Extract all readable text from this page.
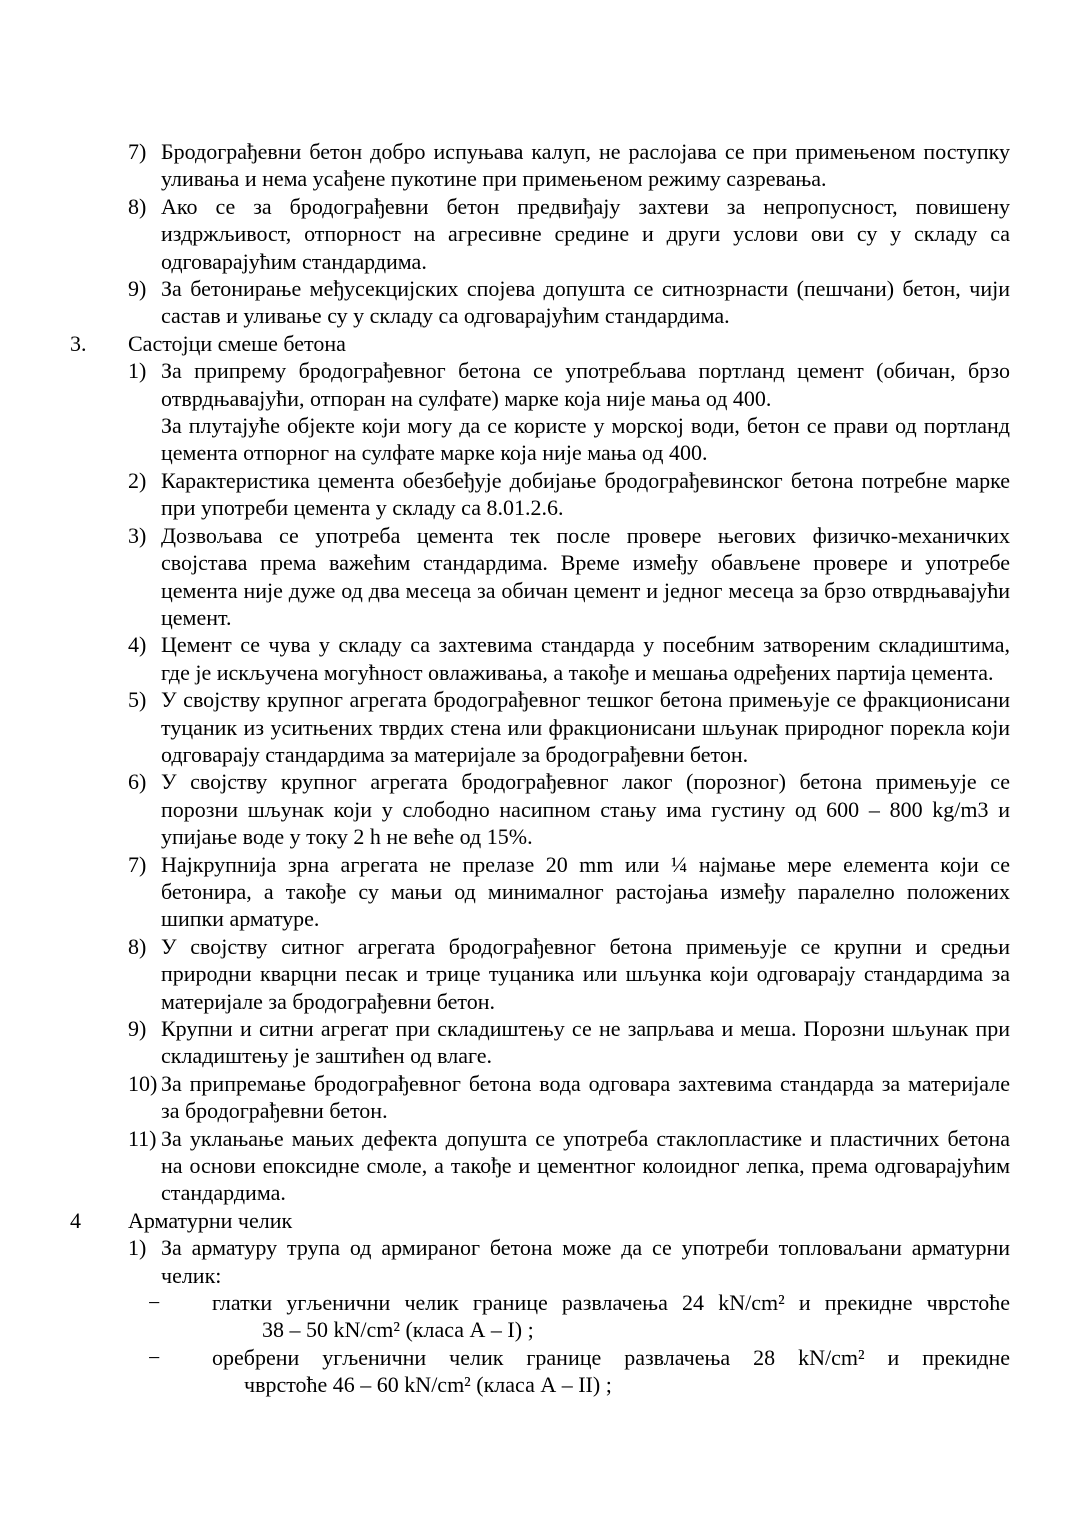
7) Бродограђевни бетон добро испуњава калуп, не раслојава се при примењеном поступку уливања и нема усађене пукотине при примењеном режиму сазревања.
8) Ако се за бродограђевни бетон предвиђају захтеви за непропусност, повишену издржљивост, отпорност на агресивне средине и други услови ови су у складу са одговарајућим стандардима.
9) За бетонирање међусекцијских спојева допушта се ситнозрнасти (пешчани) бетон, чији састав и уливање су у складу са одговарајућим стандардима.
3.	Састојци смеше бетона
1) За припрему бродограђевног бетона се употребљава портланд цемент (обичан, брзо отврдњавајући, отпоран на сулфате) марке која није мања од 400.

За плутајуће објекте који могу да се користе у морској води, бетон се прави од портланд цемента отпорног на сулфате марке која није мања од 400.

2) Карактеристика цемента обезбеђује добијање бродограђевинског бетона потребне марке при употреби цемента у складу са 8.01.2.6.
3) Дозвољава се употреба цемента тек после провере његових физичко-механичких својстава према важећим стандардима. Време између обављене провере и употребе цемента није дуже од два месеца за обичан цемент и једног месеца за брзо отврдњавајући цемент.
4) Цемент се чува у складу са захтевима стандарда у посебним затвореним складиштима, где је искључена могућност овлаживања, а такође и мешања одређених партија цемента.
5) У својству крупног агрегата бродограђевног тешког бетона примењује се фракционисани туцаник из уситњених тврдих стена или фракционисани шљунак природног порекла који одговарају стандардима за материјале за бродограђевни бетон.
6) У својству крупног агрегата бродограђевног лаког (порозног) бетона примењује се порозни шљунак који у слободно насипном стању има густину од 600 – 800 kg/m3 и упијање воде у току 2 h не веће од 15%.
7) Најкрупнија зрна агрегата не прелазе 20 mm или ¼ најмање мере елемента који се бетонира, а такође су мањи од минималног растојања између паралелно положених шипки арматуре.
8) У својству ситног агрегата бродограђевног бетона примењује се крупни и средњи природни кварцни песак и трице туцаника или шљунка који одговарају стандардима за материјале за бродограђевни бетон.
9) Крупни и ситни агрегат при складиштењу се не запрљава и меша. Порозни шљунак при складиштењу је заштићен од влаге.
10) За припремање бродограђевног бетона вода одговара захтевима стандарда за материјале за бродограђевни бетон.
11) За уклањање мањих дефекта допушта се употреба стаклопластике и пластичних бетона на основи епоксидне смоле, а такође и цементног колоидног лепка, према одговарајућим стандардима.
4	Арматурни челик
1) За арматуру трупа од армираног бетона може да се употреби топловаљани арматурни челик:
−	глатки угљенични челик границе развлачења 24 kN/cm² и прекидне чврстоће
38 – 50 kN/cm² (класа А – I) ;
−	оребрени угљенични челик границе развлачења 28 kN/cm² и прекидне
чврстоће 46 – 60 kN/cm² (класа А – II) ;
